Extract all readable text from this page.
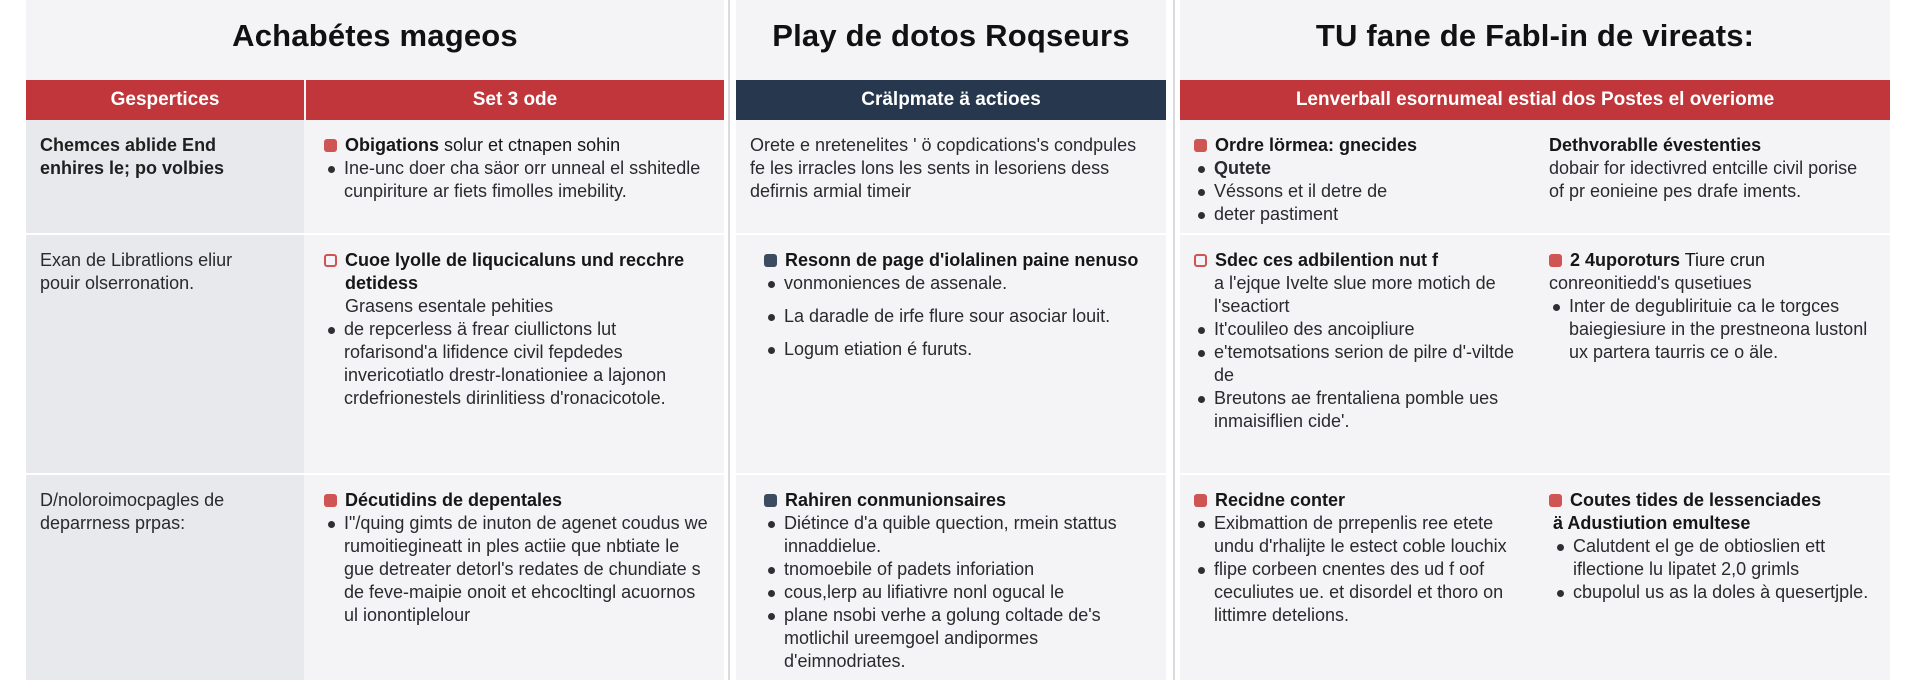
Achabétes mageos
Gespertices	Set 3 ode
Chemces ablide End enhires le; po volbies
Obigations solur et ctnapen sohin
Ine-unc doer cha säor orr unneal el sshitedle cunpiriture ar fiets fimolles imebility.
Exan de Libratlions eliur pouir olserronation.
Cuoe lyolle de liqucicaluns und recchre detidess
Grasens esentale pehities
de repcerless ä freaɾ ciullictons lut rofarisond'a lifidence civil fepdedes invericotiatlo drestr-lonationiee a lajonon crdefrionestels dirinlitiess d'ronacicotole.
D/noloroimocpagles de deparrness prpas:
Décutidins de depentales
I"/quing gimts de inuton de agenet coudus we rumoitiegineatt in ples actiie que nbtiate le gue detreater detorl's redates de chundiate s de feve-maipie onoit et ehcocltingl acuornos ul ionontiplelour
Play de dotos Roqseurs
Crälpmate ä actioes
Orete e nretenelites ' ö copdications's condpules fe les irracles lons les sents in lesoriens dess defirnis armial timeir
Resonn de page d'iolalinen paine nenuso
vonmoniences de assenale.
La daradle de irfe flure sour asociar louit.
Logum etiation é furuts.
Rahiren conmunionsaires
Diétince d'a quible quection, rmein stattus innaddielue.
tnomoebile of padets inforiation
cous,lerp au lifiativre nonl ogucal le
plane nsobi verhe a golung coltade de's motlichil ureemgoel andipormes d'eimnodriates.
TU fane de Fabl-in de vireats:
Lenverball esornumeal estial dos Postes el overiome
Ordre lörmea: gnecides
Qutete
Véssons et il detre de
deter pastiment
Dethvorablle évestenties
dobair for idectivred entcille civil porise of pr eonieine pes drafe iments.
Sdec ces adbilention nut f
a l'ejque Ivelte slue more motich de l'seactiort
It'coulileo des ancoipliure
e'temotsations serion de pilre d'-viltde de
Breutons ae frentaliena pomble ues inmaisiflien cide'.
2 4uporoturs Tiure crun
conreonitiedd's qusetiues
Inter de degublirituie ca le torgces baiegiesiure in the prestneona lustonl ux partera taurris ce o äle.
Recidne conter
Exibmattion de prrepenlis ree etete undu d'rhalijte le estect coble louchix
flipe corbeen cnentes des ud f oof ceculiutes ue. et disordel et thoro on littimre detelions.
Coutes tides de lessenciades
ä Adustiution emultese
Calutdent el ge de obtioslien ett iflectione lu lipatet 2,0 grimls
cbupolul us as la doles à quesertjple.
